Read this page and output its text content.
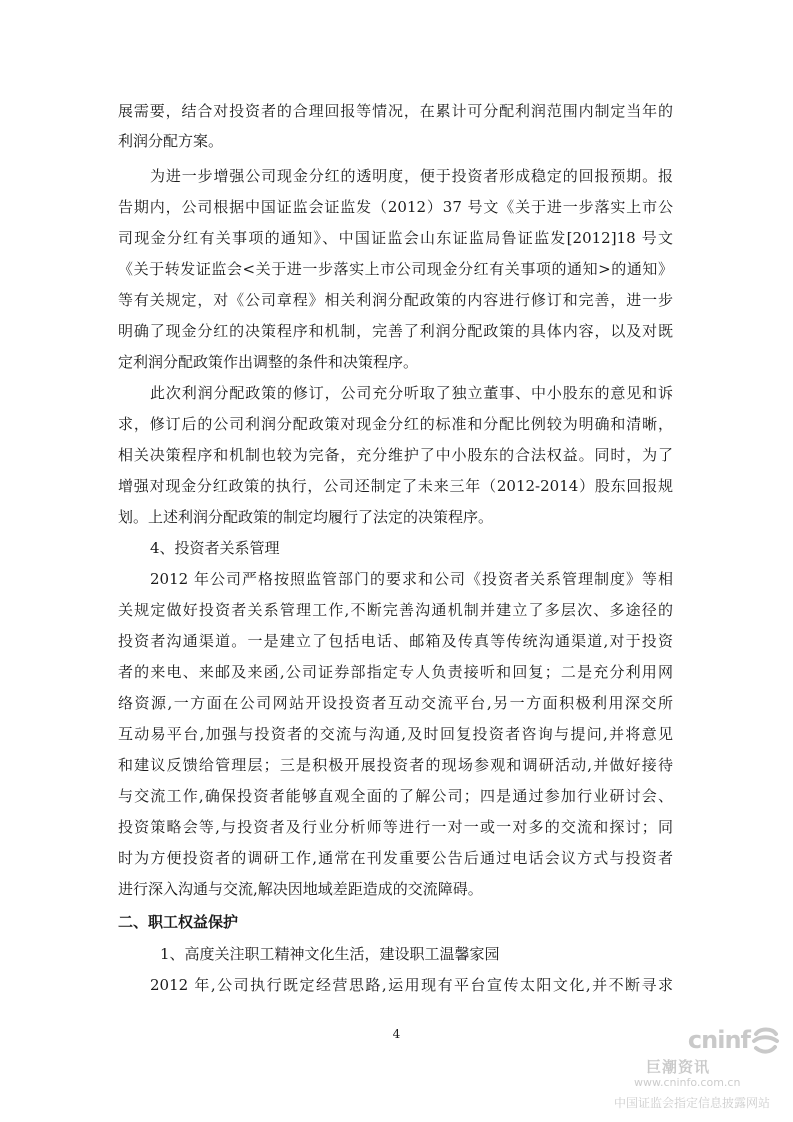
展需要，结合对投资者的合理回报等情况，在累计可分配利润范围内制定当年的
利润分配方案。
为进一步增强公司现金分红的透明度，便于投资者形成稳定的回报预期。报
告期内，公司根据中国证监会证监发（2012）37 号文《关于进一步落实上市公
司现金分红有关事项的通知》、中国证监会山东证监局鲁证监发[2012]18 号文
《关于转发证监会<关于进一步落实上市公司现金分红有关事项的通知>的通知》
等有关规定，对《公司章程》相关利润分配政策的内容进行修订和完善，进一步
明确了现金分红的决策程序和机制，完善了利润分配政策的具体内容，以及对既
定利润分配政策作出调整的条件和决策程序。
此次利润分配政策的修订，公司充分听取了独立董事、中小股东的意见和诉
求，修订后的公司利润分配政策对现金分红的标准和分配比例较为明确和清晰，
相关决策程序和机制也较为完备，充分维护了中小股东的合法权益。同时，为了
增强对现金分红政策的执行，公司还制定了未来三年（2012-2014）股东回报规
划。上述利润分配政策的制定均履行了法定的决策程序。
4、投资者关系管理
2012 年公司严格按照监管部门的要求和公司《投资者关系管理制度》等相
关规定做好投资者关系管理工作,不断完善沟通机制并建立了多层次、多途径的
投资者沟通渠道。一是建立了包括电话、邮箱及传真等传统沟通渠道,对于投资
者的来电、来邮及来函,公司证券部指定专人负责接听和回复；二是充分利用网
络资源,一方面在公司网站开设投资者互动交流平台,另一方面积极利用深交所
互动易平台,加强与投资者的交流与沟通,及时回复投资者咨询与提问,并将意见
和建议反馈给管理层；三是积极开展投资者的现场参观和调研活动,并做好接待
与交流工作,确保投资者能够直观全面的了解公司；四是通过参加行业研讨会、
投资策略会等,与投资者及行业分析师等进行一对一或一对多的交流和探讨；同
时为方便投资者的调研工作,通常在刊发重要公告后通过电话会议方式与投资者
进行深入沟通与交流,解决因地域差距造成的交流障碍。
二、职工权益保护
1、高度关注职工精神文化生活，建设职工温馨家园
2012 年,公司执行既定经营思路,运用现有平台宣传太阳文化,并不断寻求
4	cninf
巨潮资讯
www.cninfo.com.cn
中国证监会指定信息披露网站
